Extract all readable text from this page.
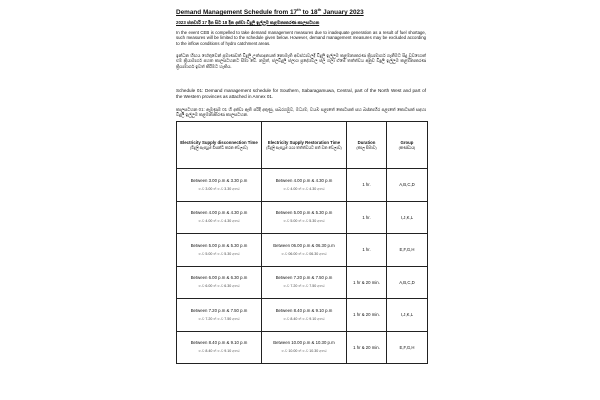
Demand Management Schedule from 17th to 18th January 2023
2023 ජනවාරි 17 දින සිට 18 දින දක්වා විදුලි ඉල්ලුම කළමනාකරණ කාලසටහන
In the event CEB is compelled to take demand management measures due to inadequate generation as a result of fuel shortage, such measures will be limited to the schedule given below. However, demand management measures may be excluded according to the inflow conditions of hydro catchment areas.
ඉන්ධන හිඟය හේතුවෙන් ප්‍රමාණවත් විදුලි උත්පාදනයක් නොමැති අවස්ථාවලදී විදුලි ඉල්ලුම කළමනාකරණ ක්‍රියාමාර්ග ගැනීමට සිදු වුවහොත් එම ක්‍රියාමාර්ග පහත කාලසටහනට සීමා වේ. නමුත්, ජලවිදුලි ජලාශ ප්‍රදේශවල ජල ගලා ඒමේ තත්ත්වය අනුව විදුලි ඉල්ලුම කළමනාකරණ ක්‍රියාමාර්ග ඉවත් කිරීමට හැකිය.
Schedule 01: Demand management schedule for Southern, Sabaragamuwa, Central, part of the North West and part of the Western provinces as attached in Annex 01.
කාලසටහන 01: ඇමුණුම 01 හි දක්වා ඇති පරිදි දකුණු, සබරගමුව, මධ්‍යම, වයඹ පළාතේ කොටසක් සහ බස්නාහිර පළාතේ කොටසක් සඳහා විදුලි ඉල්ලුම කළමනාකරණ කාලසටහන.
Electricity Supply disconnection Time
(විදුලි සැපයුම විසන්ධි කරන වේලාව)	Electricity Supply Restoration Time
(විදුලි සැපයුම යථා තත්ත්වයට පත් වන වේලාව)	Duration
(කාල සීමාව)	Group
(කණ්ඩාය)

Between 3.00 p.m & 3.30 p.m
ප.ව 3.00 ත් ප.ව 3.30 අතර	Between 4.00 p.m & 4.30 p.m
ප.ව 4.00 ත් ප.ව 4.30 අතර	1 hr.	A,B,C,D

Between 4.00 p.m & 4.30 p.m
ප.ව 4.00 ත් ප.ව 4.30 අතර	Between 5.00 p.m & 5.30 p.m
ප.ව 5.00 ත් ප.ව 5.30 අතර	1 hr.	I,J,K,L

Between 5.00 p.m & 5.30 p.m
ප.ව 5.00 ත් ප.ව 5.30 අතර	Between 06.00 p.m & 06.30 p.m
ප.ව 06.00 ත් ප.ව 06.30 අතර	1 hr.	E,F,G,H

Between 6.00 p.m & 6.30 p.m
ප.ව 6.00 ත් ප.ව 6.30 අතර	Between 7.20 p.m & 7.50 p.m
ප.ව 7.20 ත් ප.ව 7.50 අතර	1 hr & 20 min.	A,B,C,D

Between 7.20 p.m & 7.50 p.m
ප.ව 7.20 ත් ප.ව 7.50 අතර	Between 8.40 p.m & 9.10 p.m
ප.ව 8.40 ත් ප.ව 9.10 අතර	1 hr & 20 min.	I,J,K,L

Between 8.40 p.m & 9.10 p.m
ප.ව 8.40 ත් ප.ව 9.10 අතර	Between 10.00 p.m & 10.30 p.m
ප.ව 10.00 ත් ප.ව 10.30 අතර	1 hr & 20 min.	E,F,G,H
